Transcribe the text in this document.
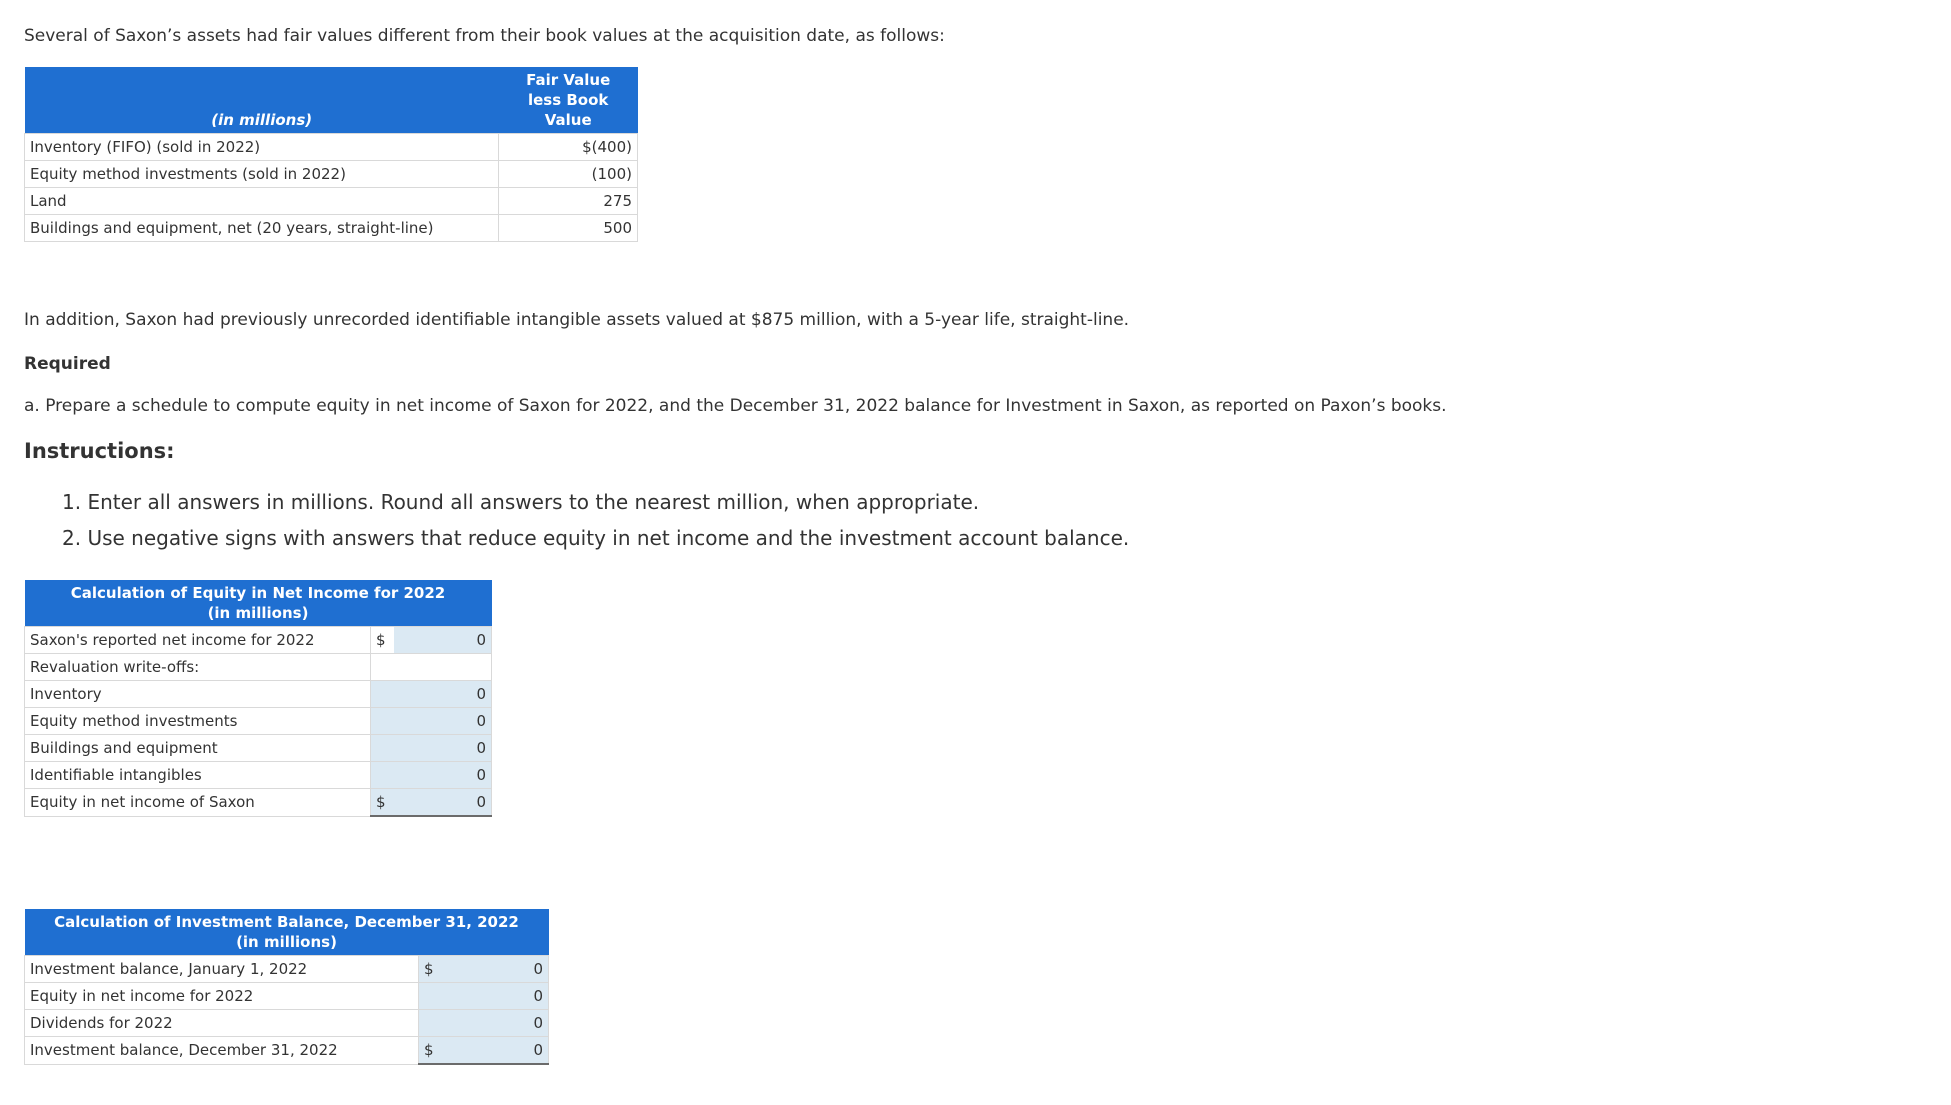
Several of Saxon’s assets had fair values different from their book values at the acquisition date, as follows:
(in millions)	Fair Value
less Book
Value

Inventory (FIFO) (sold in 2022)	$(400)
Equity method investments (sold in 2022)	(100)
Land	275
Buildings and equipment, net (20 years, straight-line)	500
In addition, Saxon had previously unrecorded identifiable intangible assets valued at $875 million, with a 5-year life, straight-line.
Required
a. Prepare a schedule to compute equity in net income of Saxon for 2022, and the December 31, 2022 balance for Investment in Saxon, as reported on Paxon’s books.
Instructions:
1. Enter all answers in millions. Round all answers to the nearest million, when appropriate.
2. Use negative signs with answers that reduce equity in net income and the investment account balance.
Calculation of Equity in Net Income for 2022
(in millions)		

Saxon's reported net income for 2022	$	0
Revaluation write-offs:		
Inventory	0	
Equity method investments	0	
Buildings and equipment	0	
Identifiable intangibles	0	
Equity in net income of Saxon	$	0
Calculation of Investment Balance, December 31, 2022
(in millions)		

Investment balance, January 1, 2022	$	0
Equity in net income for 2022	0	
Dividends for 2022	0	
Investment balance, December 31, 2022	$	0
